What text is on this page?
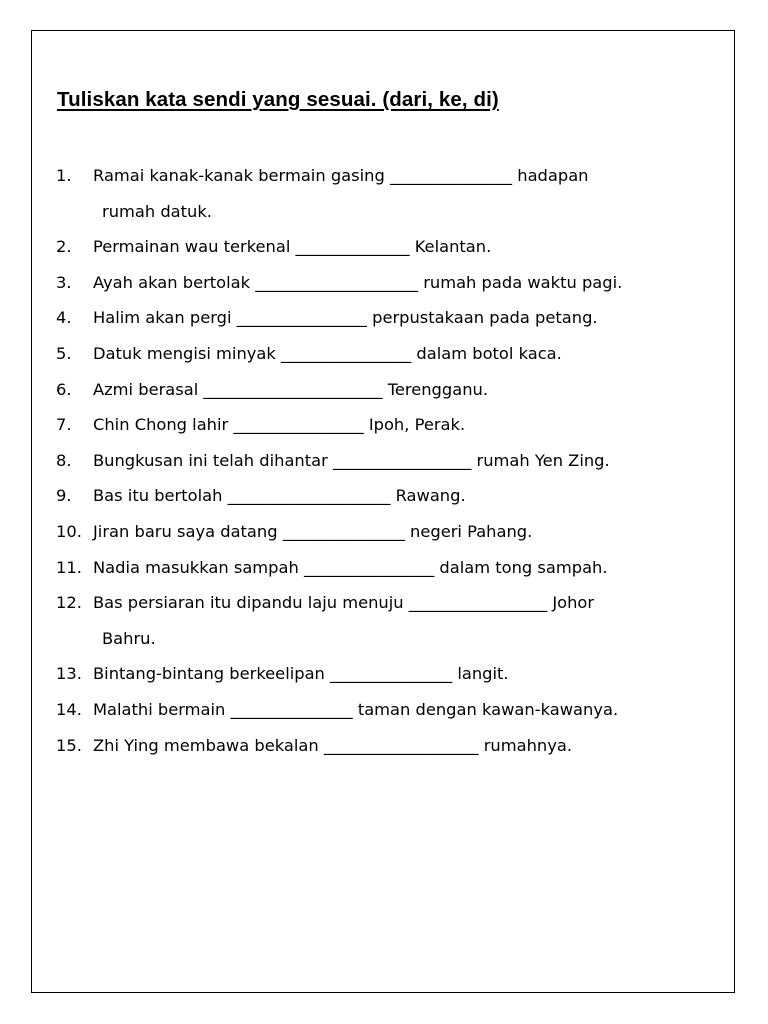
Tuliskan kata sendi yang sesuai. (dari, ke, di)
1. Ramai kanak-kanak bermain gasing _______________ hadapan
rumah datuk.
2. Permainan wau terkenal ______________ Kelantan.
3. Ayah akan bertolak ____________________ rumah pada waktu pagi.
4. Halim akan pergi ________________ perpustakaan pada petang.
5. Datuk mengisi minyak ________________ dalam botol kaca.
6. Azmi berasal ______________________ Terengganu.
7. Chin Chong lahir ________________ Ipoh, Perak.
8. Bungkusan ini telah dihantar _________________ rumah Yen Zing.
9. Bas itu bertolah ____________________ Rawang.
10. Jiran baru saya datang _______________ negeri Pahang.
11. Nadia masukkan sampah ________________ dalam tong sampah.
12. Bas persiaran itu dipandu laju menuju _________________ Johor
Bahru.
13. Bintang-bintang berkeelipan _______________ langit.
14. Malathi bermain _______________ taman dengan kawan-kawanya.
15. Zhi Ying membawa bekalan ___________________ rumahnya.
